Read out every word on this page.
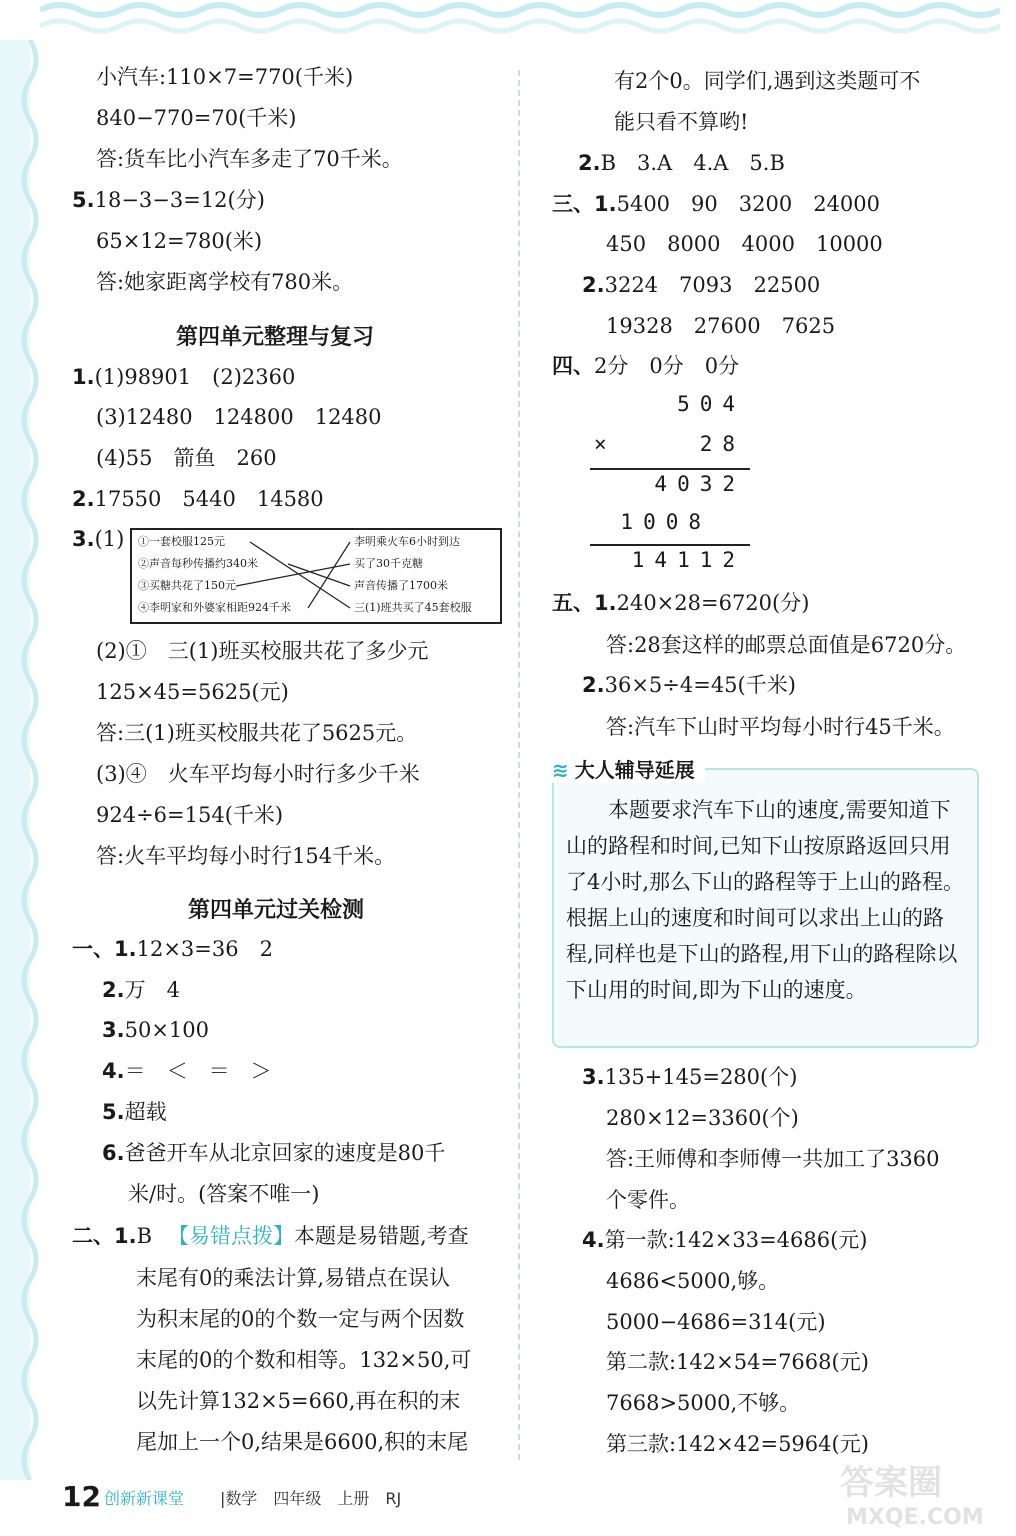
小汽车:110×7=770(千米)
840−770=70(千米)
答:货车比小汽车多走了70千米。
5.18−3−3=12(分)
65×12=780(米)
答:她家距离学校有780米。
1.(1)98901　(2)2360
(3)12480　124800　12480
(4)55　箭鱼　260
2.17550　5440　14580
3.(1)
(2)①　三(1)班买校服共花了多少元
125×45=5625(元)
答:三(1)班买校服共花了5625元。
(3)④　火车平均每小时行多少千米
924÷6=154(千米)
答:火车平均每小时行154千米。
一、1.12×3=36　2
2.万　4
3.50×100
4.＝　＜　＝　＞
5.超载
6.爸爸开车从北京回家的速度是80千
米/时。(答案不唯一)
二、1.B
末尾有0的乘法计算,易错点在误认
为积末尾的0的个数一定与两个因数
末尾的0的个数和相等。132×50,可
以先计算132×5=660,再在积的末
尾加上一个0,结果是6600,积的末尾
第四单元整理与复习
第四单元过关检测
有2个0。同学们,遇到这类题可不
能只看不算哟!
2.B　3.A　4.A　5.B
三、1.5400　90　3200　24000
450　8000　4000　10000
2.3224　7093　22500
19328　27600　7625
四、2分　0分　0分
五、1.240×28=6720(分)
答:28套这样的邮票总面值是6720分。
2.36×5÷4=45(千米)
答:汽车下山时平均每小时行45千米。
3.135+145=280(个)
280×12=3360(个)
答:王师傅和李师傅一共加工了3360
个零件。
4.第一款:142×33=4686(元)
4686<5000,够。
5000−4686=314(元)
第二款:142×54=7668(元)
7668>5000,不够。
第三款:142×42=5964(元)
【易错点拨】本题是易错题,考查
①一套校服125元
②声音每秒传播约340米
③买糖共花了150元
④李明家和外婆家相距924千米
李明乘火车6小时到达
买了30千克糖
声音传播了1700米
三(1)班共买了45套校服
504
×	28
4032
1008
14112
≋ 大人辅导延展
　　本题要求汽车下山的速度,需要知道下山的路程和时间,已知下山按原路返回只用了4小时,那么下山的路程等于上山的路程。根据上山的速度和时间可以求出上山的路程,同样也是下山的路程,用下山的路程除以下山用的时间,即为下山的速度。
12 创新新课堂 |数学　四年级　上册　RJ	答案圈
MXQE.COM
